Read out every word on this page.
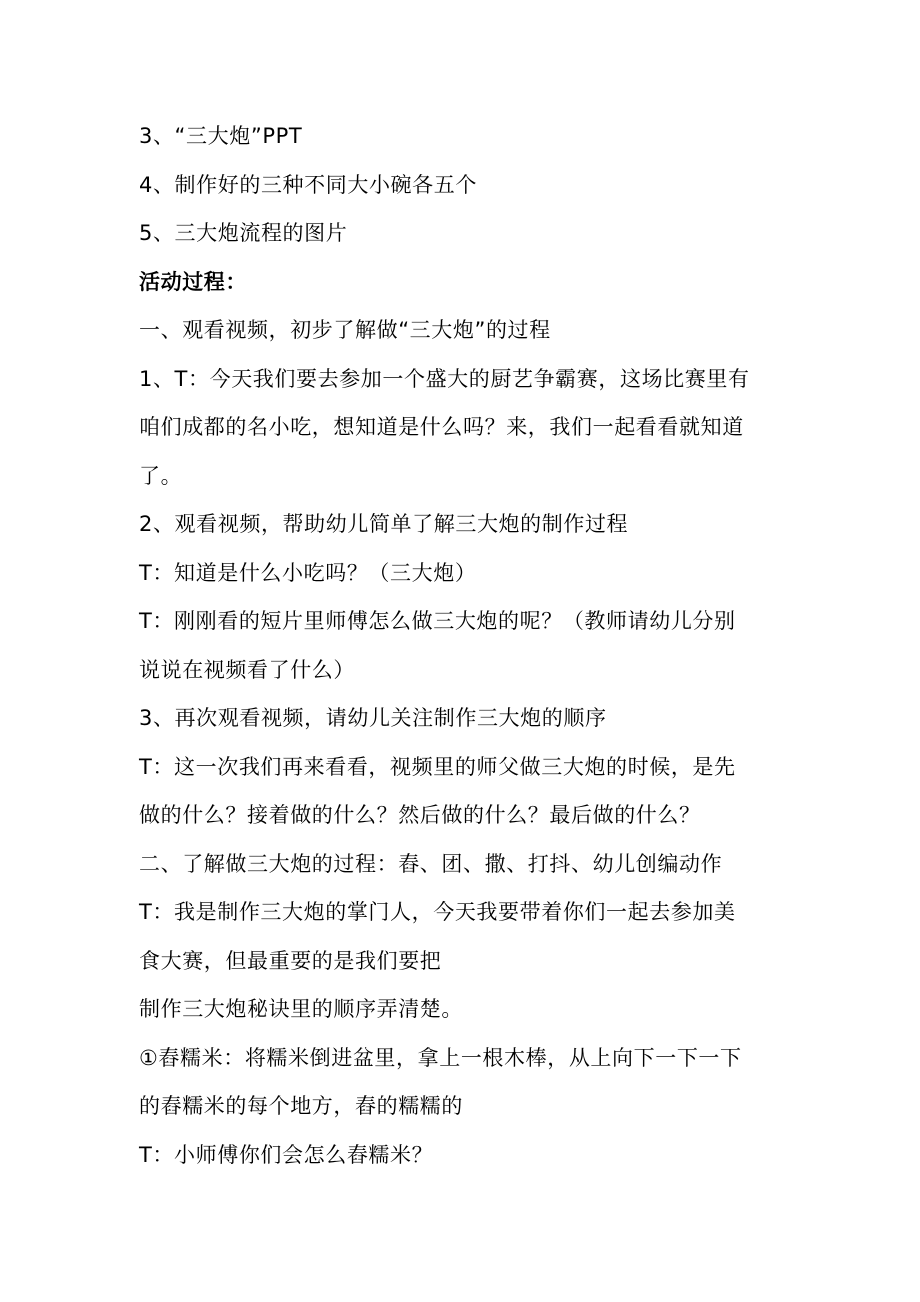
3、“三大炮”PPT

4、制作好的三种不同大小碗各五个

5、三大炮流程的图片

活动过程：

一、观看视频，初步了解做“三大炮”的过程

1、T：今天我们要去参加一个盛大的厨艺争霸赛，这场比赛里有

咱们成都的名小吃，想知道是什么吗？来，我们一起看看就知道

了。

2、观看视频，帮助幼儿简单了解三大炮的制作过程

T：知道是什么小吃吗？（三大炮）

T：刚刚看的短片里师傅怎么做三大炮的呢？（教师请幼儿分别

说说在视频看了什么）

3、再次观看视频，请幼儿关注制作三大炮的顺序

T：这一次我们再来看看，视频里的师父做三大炮的时候，是先

做的什么？接着做的什么？然后做的什么？最后做的什么？

二、了解做三大炮的过程：舂、团、撒、打抖、幼儿创编动作

T：我是制作三大炮的掌门人，今天我要带着你们一起去参加美

食大赛，但最重要的是我们要把

制作三大炮秘诀里的顺序弄清楚。

①舂糯米：将糯米倒进盆里，拿上一根木棒，从上向下一下一下

的舂糯米的每个地方，舂的糯糯的

T：小师傅你们会怎么舂糯米？
